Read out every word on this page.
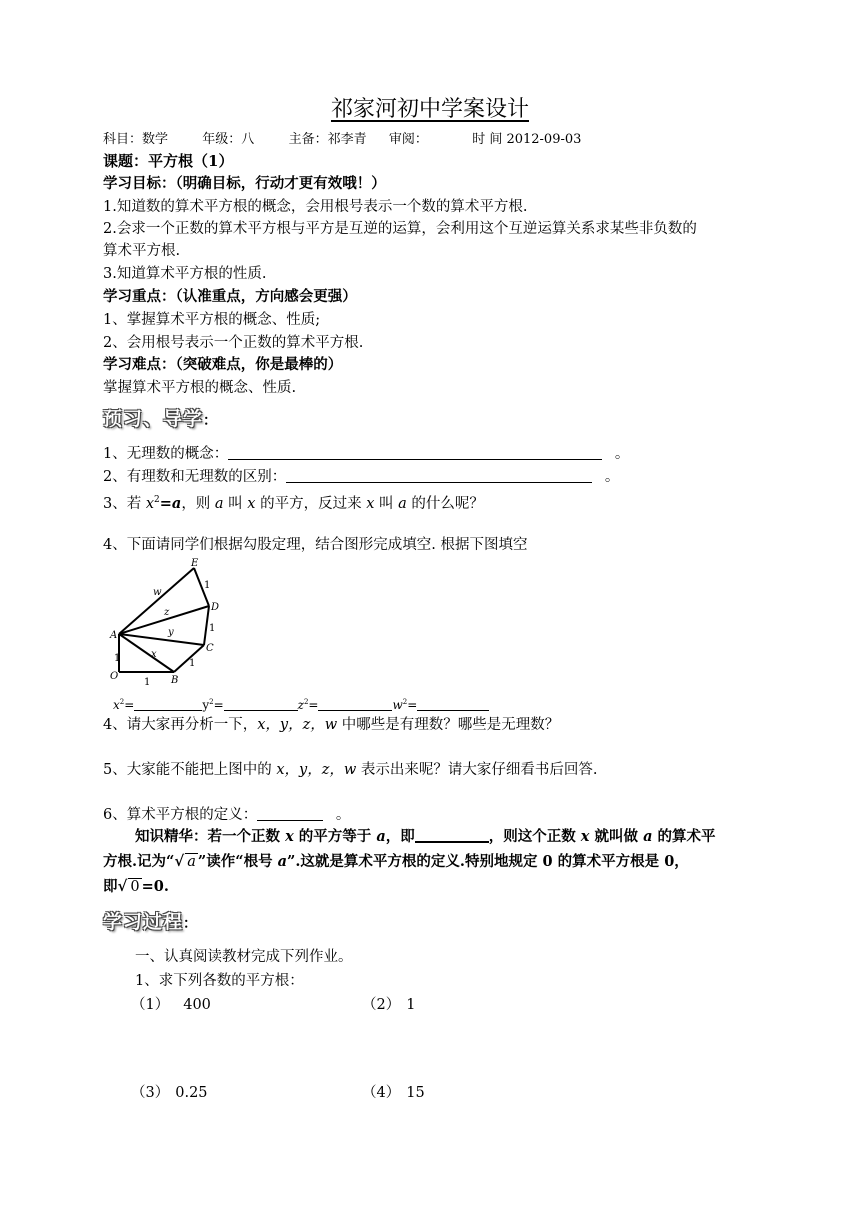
祁家河初中学案设计
科目：数学	年级：八	主备：祁李青 审阅：	时 间 2012-09-03
课题：平方根（1）
学习目标：（明确目标，行动才更有效哦！）
1.知道数的算术平方根的概念，会用根号表示一个数的算术平方根.
2.会求一个正数的算术平方根与平方是互逆的运算，会利用这个互逆运算关系求某些非负数的
算术平方根.
3.知道算术平方根的性质.
学习重点：（认准重点，方向感会更强）
1、掌握算术平方根的概念、性质;
2、会用根号表示一个正数的算术平方根.
学习难点：（突破难点，你是最棒的）
掌握算术平方根的概念、性质.
预习、导学：
1、无理数的概念：	。
2、有理数和无理数的区别：	。
3、若 $x^2=a$，则 a 叫 x 的平方，反过来 x 叫 a 的什么呢？
4、下面请同学们根据勾股定理，结合图形完成填空. 根据下图填空
E
D
C
B
A
O
w
z
y
x
1
1
1
1
1
$x^2=$	$y^2=$	$z^2=$	$w^2=$
4、请大家再分析一下，x，y，z，w 中哪些是有理数？哪些是无理数？
5、大家能不能把上图中的 x，y，z，w 表示出来呢？请大家仔细看书后回答.
6、算术平方根的定义：	。
知识精华：若一个正数 x 的平方等于 a，即	，则这个正数 x 就叫做 a 的算术平
方根.记为“√ a ”读作“根号 a”.这就是算术平方根的定义.特别地规定 0 的算术平方根是 0，
即√ 0 =0.
学习过程：
一、认真阅读教材完成下列作业。
1、求下列各数的平方根：
（1） 400	（2） 1
（3） 0.25	（4） 15
